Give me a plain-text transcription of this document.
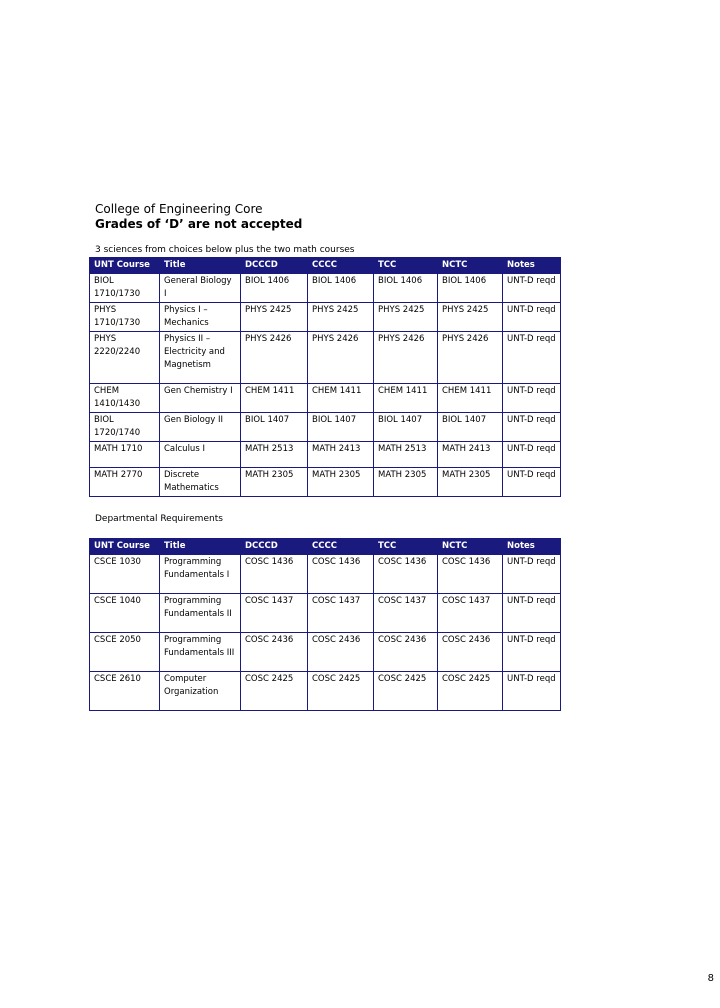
College of Engineering Core
Grades of ‘D’ are not accepted
3 sciences from choices below plus the two math courses
UNT Course	Title	DCCCD	CCCC	TCC	NCTC	Notes
BIOL 1710/1730	General Biology I	BIOL 1406	BIOL 1406	BIOL 1406	BIOL 1406	UNT-D reqd
PHYS 1710/1730	Physics I – Mechanics	PHYS 2425	PHYS 2425	PHYS 2425	PHYS 2425	UNT-D reqd
PHYS 2220/2240	Physics II – Electricity and Magnetism	PHYS 2426	PHYS 2426	PHYS 2426	PHYS 2426	UNT-D reqd
CHEM 1410/1430	Gen Chemistry I	CHEM 1411	CHEM 1411	CHEM 1411	CHEM 1411	UNT-D reqd
BIOL 1720/1740	Gen Biology II	BIOL 1407	BIOL 1407	BIOL 1407	BIOL 1407	UNT-D reqd
MATH 1710	Calculus I	MATH 2513	MATH 2413	MATH 2513	MATH 2413	UNT-D reqd
MATH 2770	Discrete Mathematics	MATH 2305	MATH 2305	MATH 2305	MATH 2305	UNT-D reqd
Departmental Requirements
UNT Course	Title	DCCCD	CCCC	TCC	NCTC	Notes
CSCE 1030	Programming Fundamentals I	COSC 1436	COSC 1436	COSC 1436	COSC 1436	UNT-D reqd
CSCE 1040	Programming Fundamentals II	COSC 1437	COSC 1437	COSC 1437	COSC 1437	UNT-D reqd
CSCE 2050	Programming Fundamentals III	COSC 2436	COSC 2436	COSC 2436	COSC 2436	UNT-D reqd
CSCE 2610	Computer Organization	COSC 2425	COSC 2425	COSC 2425	COSC 2425	UNT-D reqd
8
